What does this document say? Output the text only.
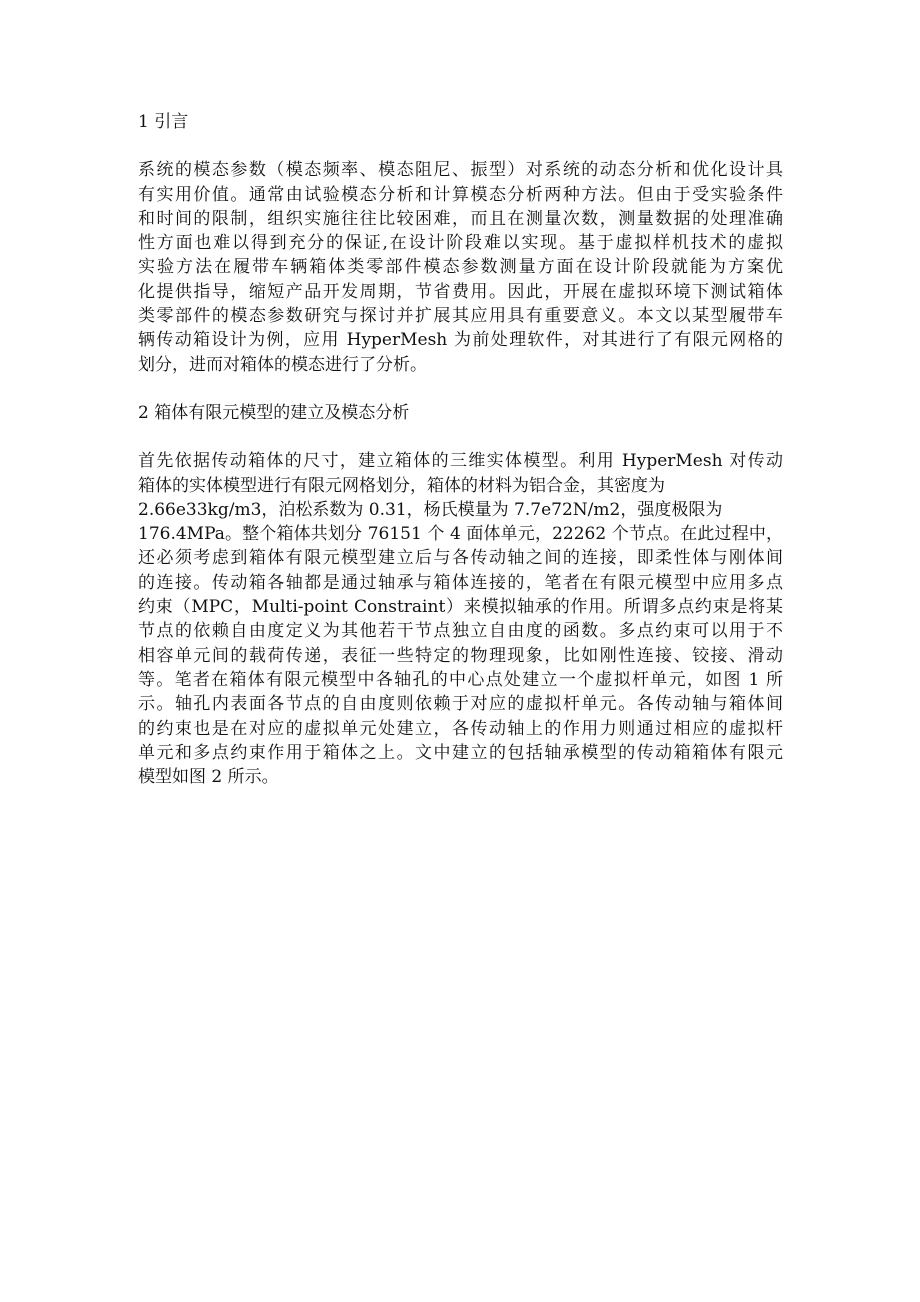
1 引言
系统的模态参数（模态频率、模态阻尼、振型）对系统的动态分析和优化设计具
有实用价值。通常由试验模态分析和计算模态分析两种方法。但由于受实验条件
和时间的限制，组织实施往往比较困难，而且在测量次数，测量数据的处理准确
性方面也难以得到充分的保证,在设计阶段难以实现。基于虚拟样机技术的虚拟
实验方法在履带车辆箱体类零部件模态参数测量方面在设计阶段就能为方案优
化提供指导，缩短产品开发周期，节省费用。因此，开展在虚拟环境下测试箱体
类零部件的模态参数研究与探讨并扩展其应用具有重要意义。本文以某型履带车
辆传动箱设计为例，应用 HyperMesh 为前处理软件，对其进行了有限元网格的
划分，进而对箱体的模态进行了分析。
2 箱体有限元模型的建立及模态分析
首先依据传动箱体的尺寸，建立箱体的三维实体模型。利用 HyperMesh 对传动
箱体的实体模型进行有限元网格划分，箱体的材料为铝合金，其密度为
2.66e33kg/m3，泊松系数为 0.31，杨氏模量为 7.7e72N/m2，强度极限为
176.4MPa。整个箱体共划分 76151 个 4 面体单元，22262 个节点。在此过程中，
还必须考虑到箱体有限元模型建立后与各传动轴之间的连接，即柔性体与刚体间
的连接。传动箱各轴都是通过轴承与箱体连接的，笔者在有限元模型中应用多点
约束（MPC，Multi-point Constraint）来模拟轴承的作用。所谓多点约束是将某
节点的依赖自由度定义为其他若干节点独立自由度的函数。多点约束可以用于不
相容单元间的载荷传递，表征一些特定的物理现象，比如刚性连接、铰接、滑动
等。笔者在箱体有限元模型中各轴孔的中心点处建立一个虚拟杆单元，如图 1 所
示。轴孔内表面各节点的自由度则依赖于对应的虚拟杆单元。各传动轴与箱体间
的约束也是在对应的虚拟单元处建立，各传动轴上的作用力则通过相应的虚拟杆
单元和多点约束作用于箱体之上。文中建立的包括轴承模型的传动箱箱体有限元
模型如图 2 所示。
